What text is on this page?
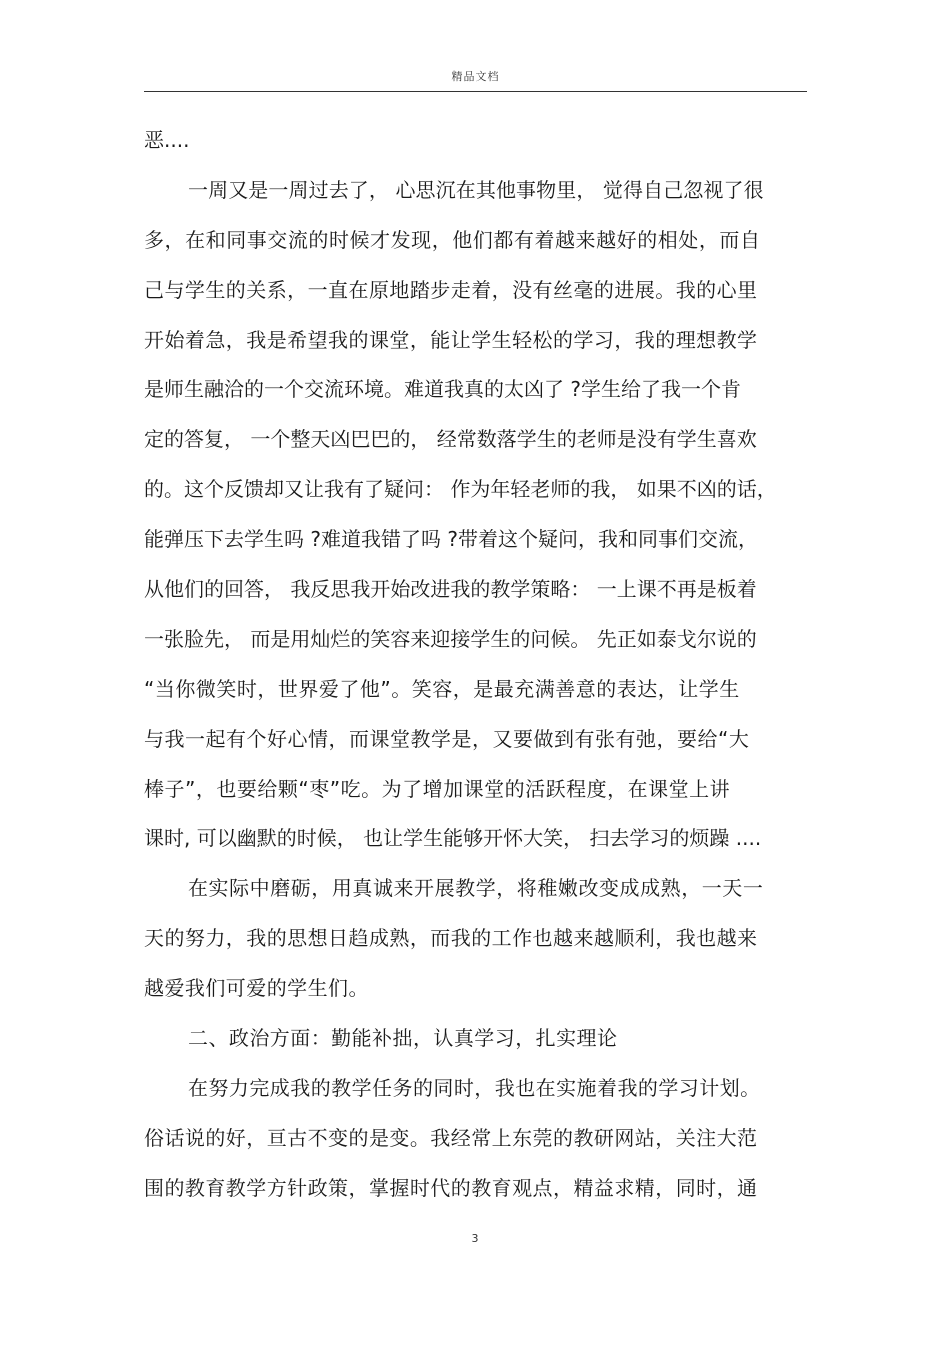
精品文档
恶....
一周又是一周过去了， 心思沉在其他事物里， 觉得自己忽视了很
多，在和同事交流的时候才发现，他们都有着越来越好的相处，而自
己与学生的关系，一直在原地踏步走着，没有丝毫的进展。我的心里
开始着急，我是希望我的课堂，能让学生轻松的学习，我的理想教学
是师生融洽的一个交流环境。难道我真的太凶了 ?学生给了我一个肯
定的答复， 一个整天凶巴巴的， 经常数落学生的老师是没有学生喜欢
的。这个反馈却又让我有了疑问： 作为年轻老师的我， 如果不凶的话，
能弹压下去学生吗 ?难道我错了吗 ?带着这个疑问，我和同事们交流，
从他们的回答， 我反思我开始改进我的教学策略： 一上课不再是板着
一张脸先， 而是用灿烂的笑容来迎接学生的问候。 先正如泰戈尔说的
“当你微笑时，世界爱了他”。笑容，是最充满善意的表达，让学生
与我一起有个好心情，而课堂教学是，又要做到有张有弛，要给“大
棒子”，也要给颗“枣”吃。为了增加课堂的活跃程度，在课堂上讲
课时, 可以幽默的时候， 也让学生能够开怀大笑， 扫去学习的烦躁 ....
在实际中磨砺，用真诚来开展教学，将稚嫩改变成成熟，一天一
天的努力，我的思想日趋成熟，而我的工作也越来越顺利，我也越来
越爱我们可爱的学生们。
二、政治方面：勤能补拙，认真学习，扎实理论
在努力完成我的教学任务的同时，我也在实施着我的学习计划。
俗话说的好，亘古不变的是变。我经常上东莞的教研网站，关注大范
围的教育教学方针政策，掌握时代的教育观点，精益求精，同时，通
3
